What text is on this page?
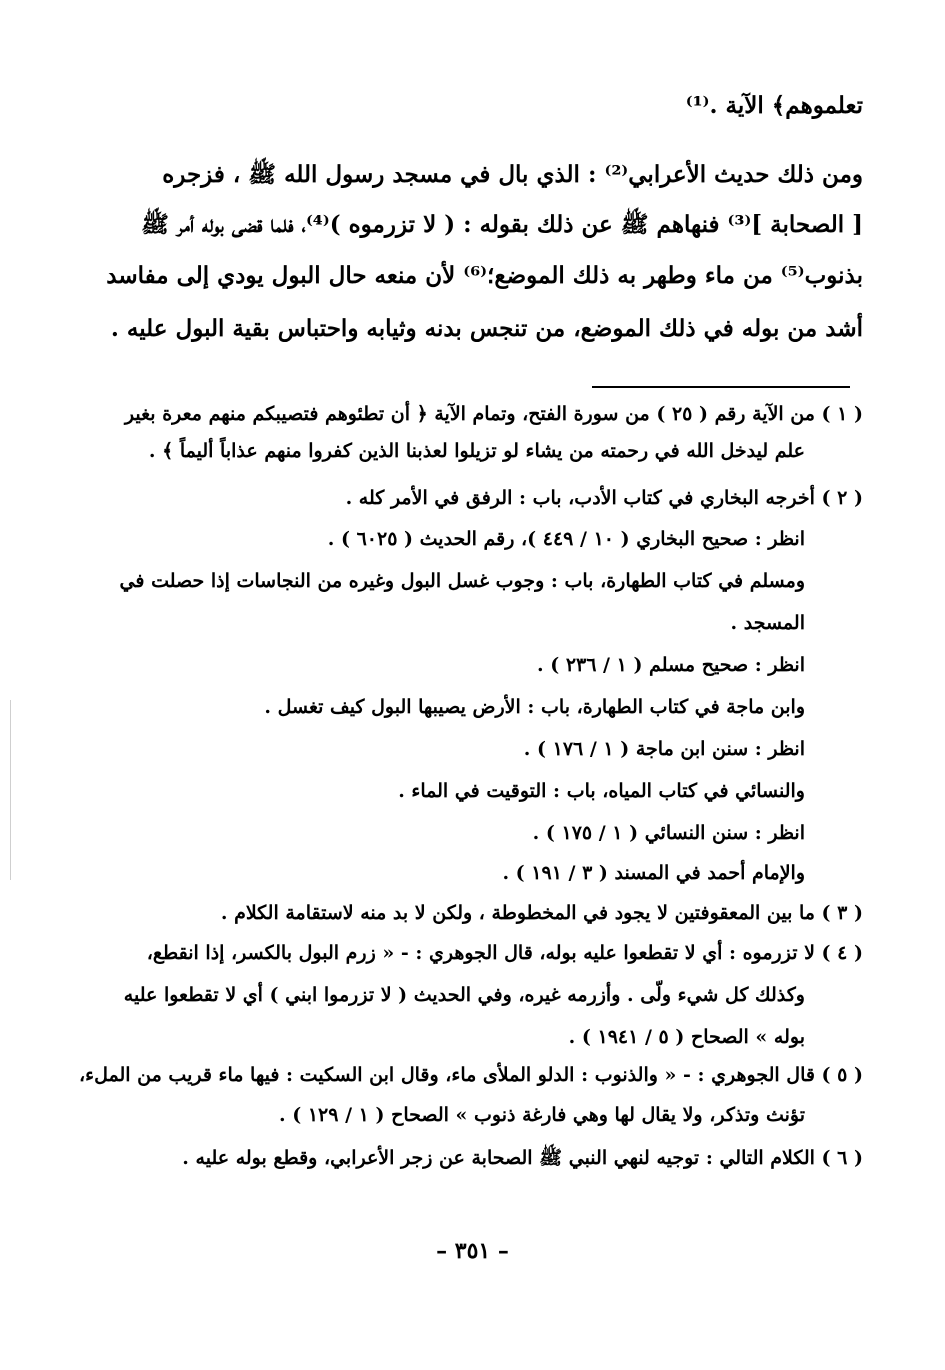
تعلموهم﴾ الآية .⁽¹⁾
ومن ذلك حديث الأعرابي⁽²⁾ : الذي بال في مسجد رسول الله ﷺ ، فزجره
[ الصحابة ]⁽³⁾ فنهاهم ﷺ عن ذلك بقوله : ( لا تزرموه )⁽⁴⁾، فلما قضى بوله أمر ﷺ
بذنوب⁽⁵⁾ من ماء وطهر به ذلك الموضع؛⁽⁶⁾ لأن منعه حال البول يودي إلى مفاسد
أشد من بوله في ذلك الموضع، من تنجس بدنه وثيابه واحتباس بقية البول عليه .
( ١ ) من الآية رقم ( ٢٥ ) من سورة الفتح، وتمام الآية ﴿ أن تطئوهم فتصيبكم منهم معرة بغير
علم ليدخل الله في رحمته من يشاء لو تزيلوا لعذبنا الذين كفروا منهم عذاباً أليماً ﴾ .
( ٢ ) أخرجه البخاري في كتاب الأدب، باب : الرفق في الأمر كله .
انظر : صحيح البخاري ( ١٠ / ٤٤٩ )، رقم الحديث ( ٦٠٢٥ ) .
ومسلم في كتاب الطهارة، باب : وجوب غسل البول وغيره من النجاسات إذا حصلت في
المسجد .
انظر : صحيح مسلم ( ١ / ٢٣٦ ) .
وابن ماجة في كتاب الطهارة، باب : الأرض يصيبها البول كيف تغسل .
انظر : سنن ابن ماجة ( ١ / ١٧٦ ) .
والنسائي في كتاب المياه، باب : التوقيت في الماء .
انظر : سنن النسائي ( ١ / ١٧٥ ) .
والإمام أحمد في المسند ( ٣ / ١٩١ ) .
( ٣ ) ما بين المعقوفتين لا يجود في المخطوطة ، ولكن لا بد منه لاستقامة الكلام .
( ٤ ) لا تزرموه : أي لا تقطعوا عليه بوله، قال الجوهري : - « زرم البول بالكسر، إذا انقطع،
وكذلك كل شيء ولّى . وأزرمه غيره، وفي الحديث ( لا تزرموا ابني ) أي لا تقطعوا عليه
بوله » الصحاح ( ٥ / ١٩٤١ ) .
( ٥ ) قال الجوهري : - « والذنوب : الدلو الملأى ماء، وقال ابن السكيت : فيها ماء قريب من الملء،
تؤنث وتذكر، ولا يقال لها وهي فارغة ذنوب » الصحاح ( ١ / ١٢٩ ) .
( ٦ ) الكلام التالي : توجيه لنهي النبي ﷺ الصحابة عن زجر الأعرابي، وقطع بوله عليه .
– ٣٥١ –
